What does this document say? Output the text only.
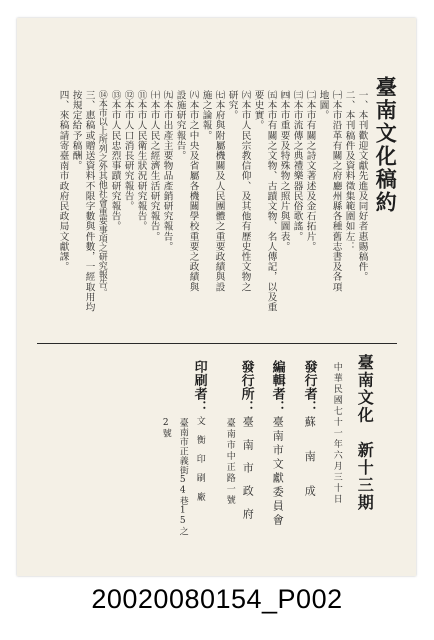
臺南文化稿約
一、本刊歡迎文獻先進及同好者惠賜稿件。
二、本刊稿件及資料徵集範圍如左：
㈠本市沿革有關之府廳州縣各種舊志書及各項
地圖。
㈡本市有關之詩文著述及金石拓片。
㈢本市流傳之典禮樂器民俗歌謠。
㈣本市重要及特殊物之照片與圖表。
㈤本市有關之文物、古蹟文物、名人傳記，以及重
要史實。
㈥本市人民宗教信仰、及其他有歷史性文物之
研究。
㈦本府與附屬機關及人民團體之重要政績與設
施之論報。
㈧本市之中央及省屬各機關學校重要之政績與
設施研究報告。
㈨本市出產主要物品產銷研究報告。
㈩本市人民之經濟生活研究報告。
⑪本市人民衛生狀況研究報告。
⑫本市人口消長研究報告。
⑬本市人民忠烈事蹟研究報告。
⑭本市以上所列之外其他社會重要事項之研究報告。
三、惠稿或贈送資料不限字數與件數，一經取用均
按規定給予稿酬。
四、來稿請寄臺南市政府民政局文獻課。
臺南文化　新十三期
中華民國七十一年六月三十日
發行者：
蘇　　南　　成
編輯者：
臺南市文獻委員會
發行所：
臺　南　市　政　府
臺南市中正路一號
印刷者：
文　衡　印　刷　廠
臺南市正義街54巷15之
2號
20020080154_P002
